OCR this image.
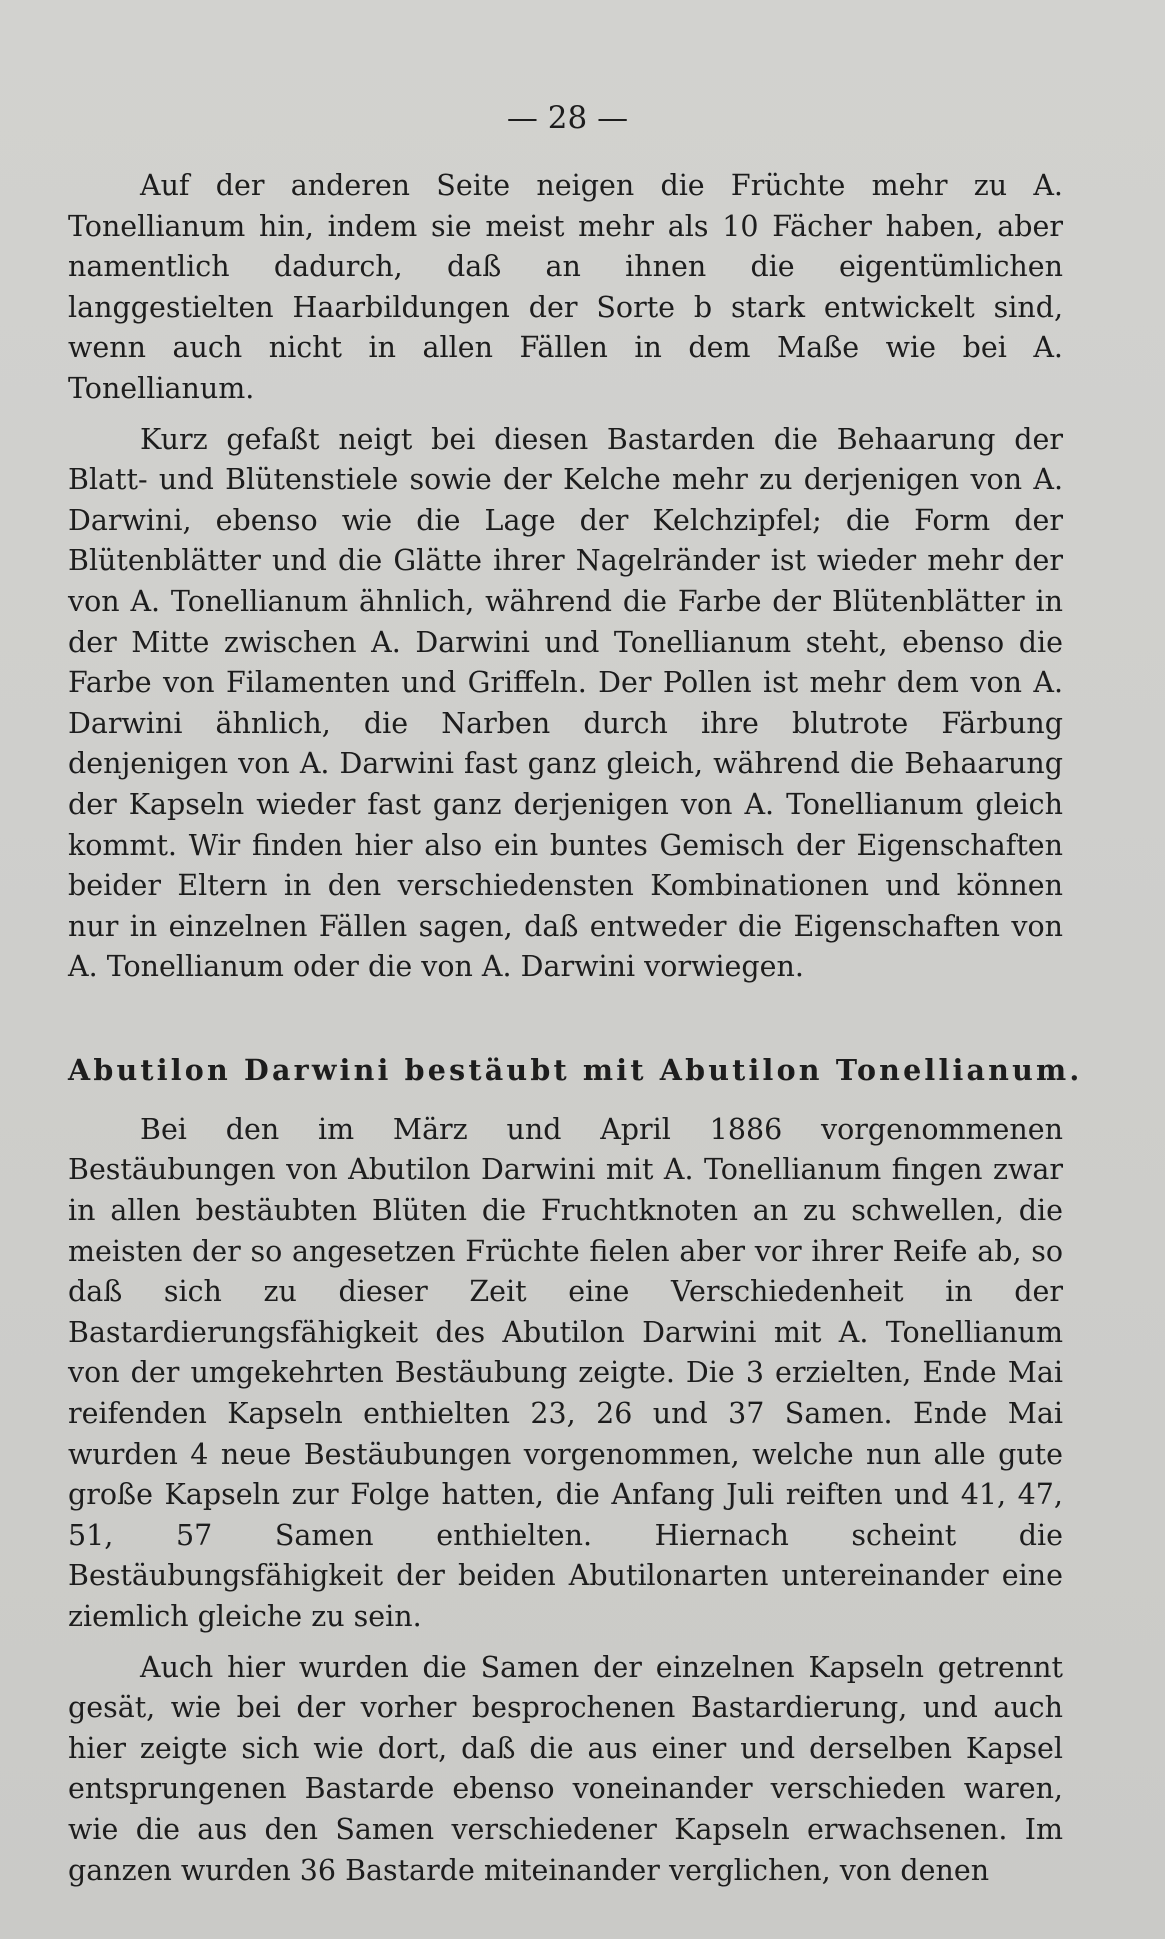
— 28 —

Auf der anderen Seite neigen die Früchte mehr zu A. Tonellianum hin, indem sie meist mehr als 10 Fächer haben, aber namentlich dadurch, daß an ihnen die eigentümlichen langgestielten Haarbildungen der Sorte b stark entwickelt sind, wenn auch nicht in allen Fällen in dem Maße wie bei A. Tonellianum.

Kurz gefaßt neigt bei diesen Bastarden die Behaarung der Blatt- und Blütenstiele sowie der Kelche mehr zu derjenigen von A. Darwini, ebenso wie die Lage der Kelchzipfel; die Form der Blütenblätter und die Glätte ihrer Nagelränder ist wieder mehr der von A. Tonellianum ähnlich, während die Farbe der Blütenblätter in der Mitte zwischen A. Darwini und Tonellianum steht, ebenso die Farbe von Filamenten und Griffeln. Der Pollen ist mehr dem von A. Darwini ähnlich, die Narben durch ihre blutrote Färbung denjenigen von A. Darwini fast ganz gleich, während die Behaarung der Kapseln wieder fast ganz derjenigen von A. Tonellianum gleich kommt. Wir finden hier also ein buntes Gemisch der Eigenschaften beider Eltern in den verschiedensten Kombinationen und können nur in einzelnen Fällen sagen, daß entweder die Eigenschaften von A. Tonellianum oder die von A. Darwini vorwiegen.

Abutilon Darwini bestäubt mit Abutilon Tonellianum.

Bei den im März und April 1886 vorgenommenen Bestäubungen von Abutilon Darwini mit A. Tonellianum fingen zwar in allen bestäubten Blüten die Fruchtknoten an zu schwellen, die meisten der so angesetzen Früchte fielen aber vor ihrer Reife ab, so daß sich zu dieser Zeit eine Verschiedenheit in der Bastardierungsfähigkeit des Abutilon Darwini mit A. Tonellianum von der umgekehrten Bestäubung zeigte. Die 3 erzielten, Ende Mai reifenden Kapseln enthielten 23, 26 und 37 Samen. Ende Mai wurden 4 neue Bestäubungen vorgenommen, welche nun alle gute große Kapseln zur Folge hatten, die Anfang Juli reiften und 41, 47, 51, 57 Samen enthielten. Hiernach scheint die Bestäubungsfähigkeit der beiden Abutilonarten untereinander eine ziemlich gleiche zu sein.

Auch hier wurden die Samen der einzelnen Kapseln getrennt gesät, wie bei der vorher besprochenen Bastardierung, und auch hier zeigte sich wie dort, daß die aus einer und derselben Kapsel entsprungenen Bastarde ebenso voneinander verschieden waren, wie die aus den Samen verschiedener Kapseln erwachsenen. Im ganzen wurden 36 Bastarde miteinander verglichen, von denen
